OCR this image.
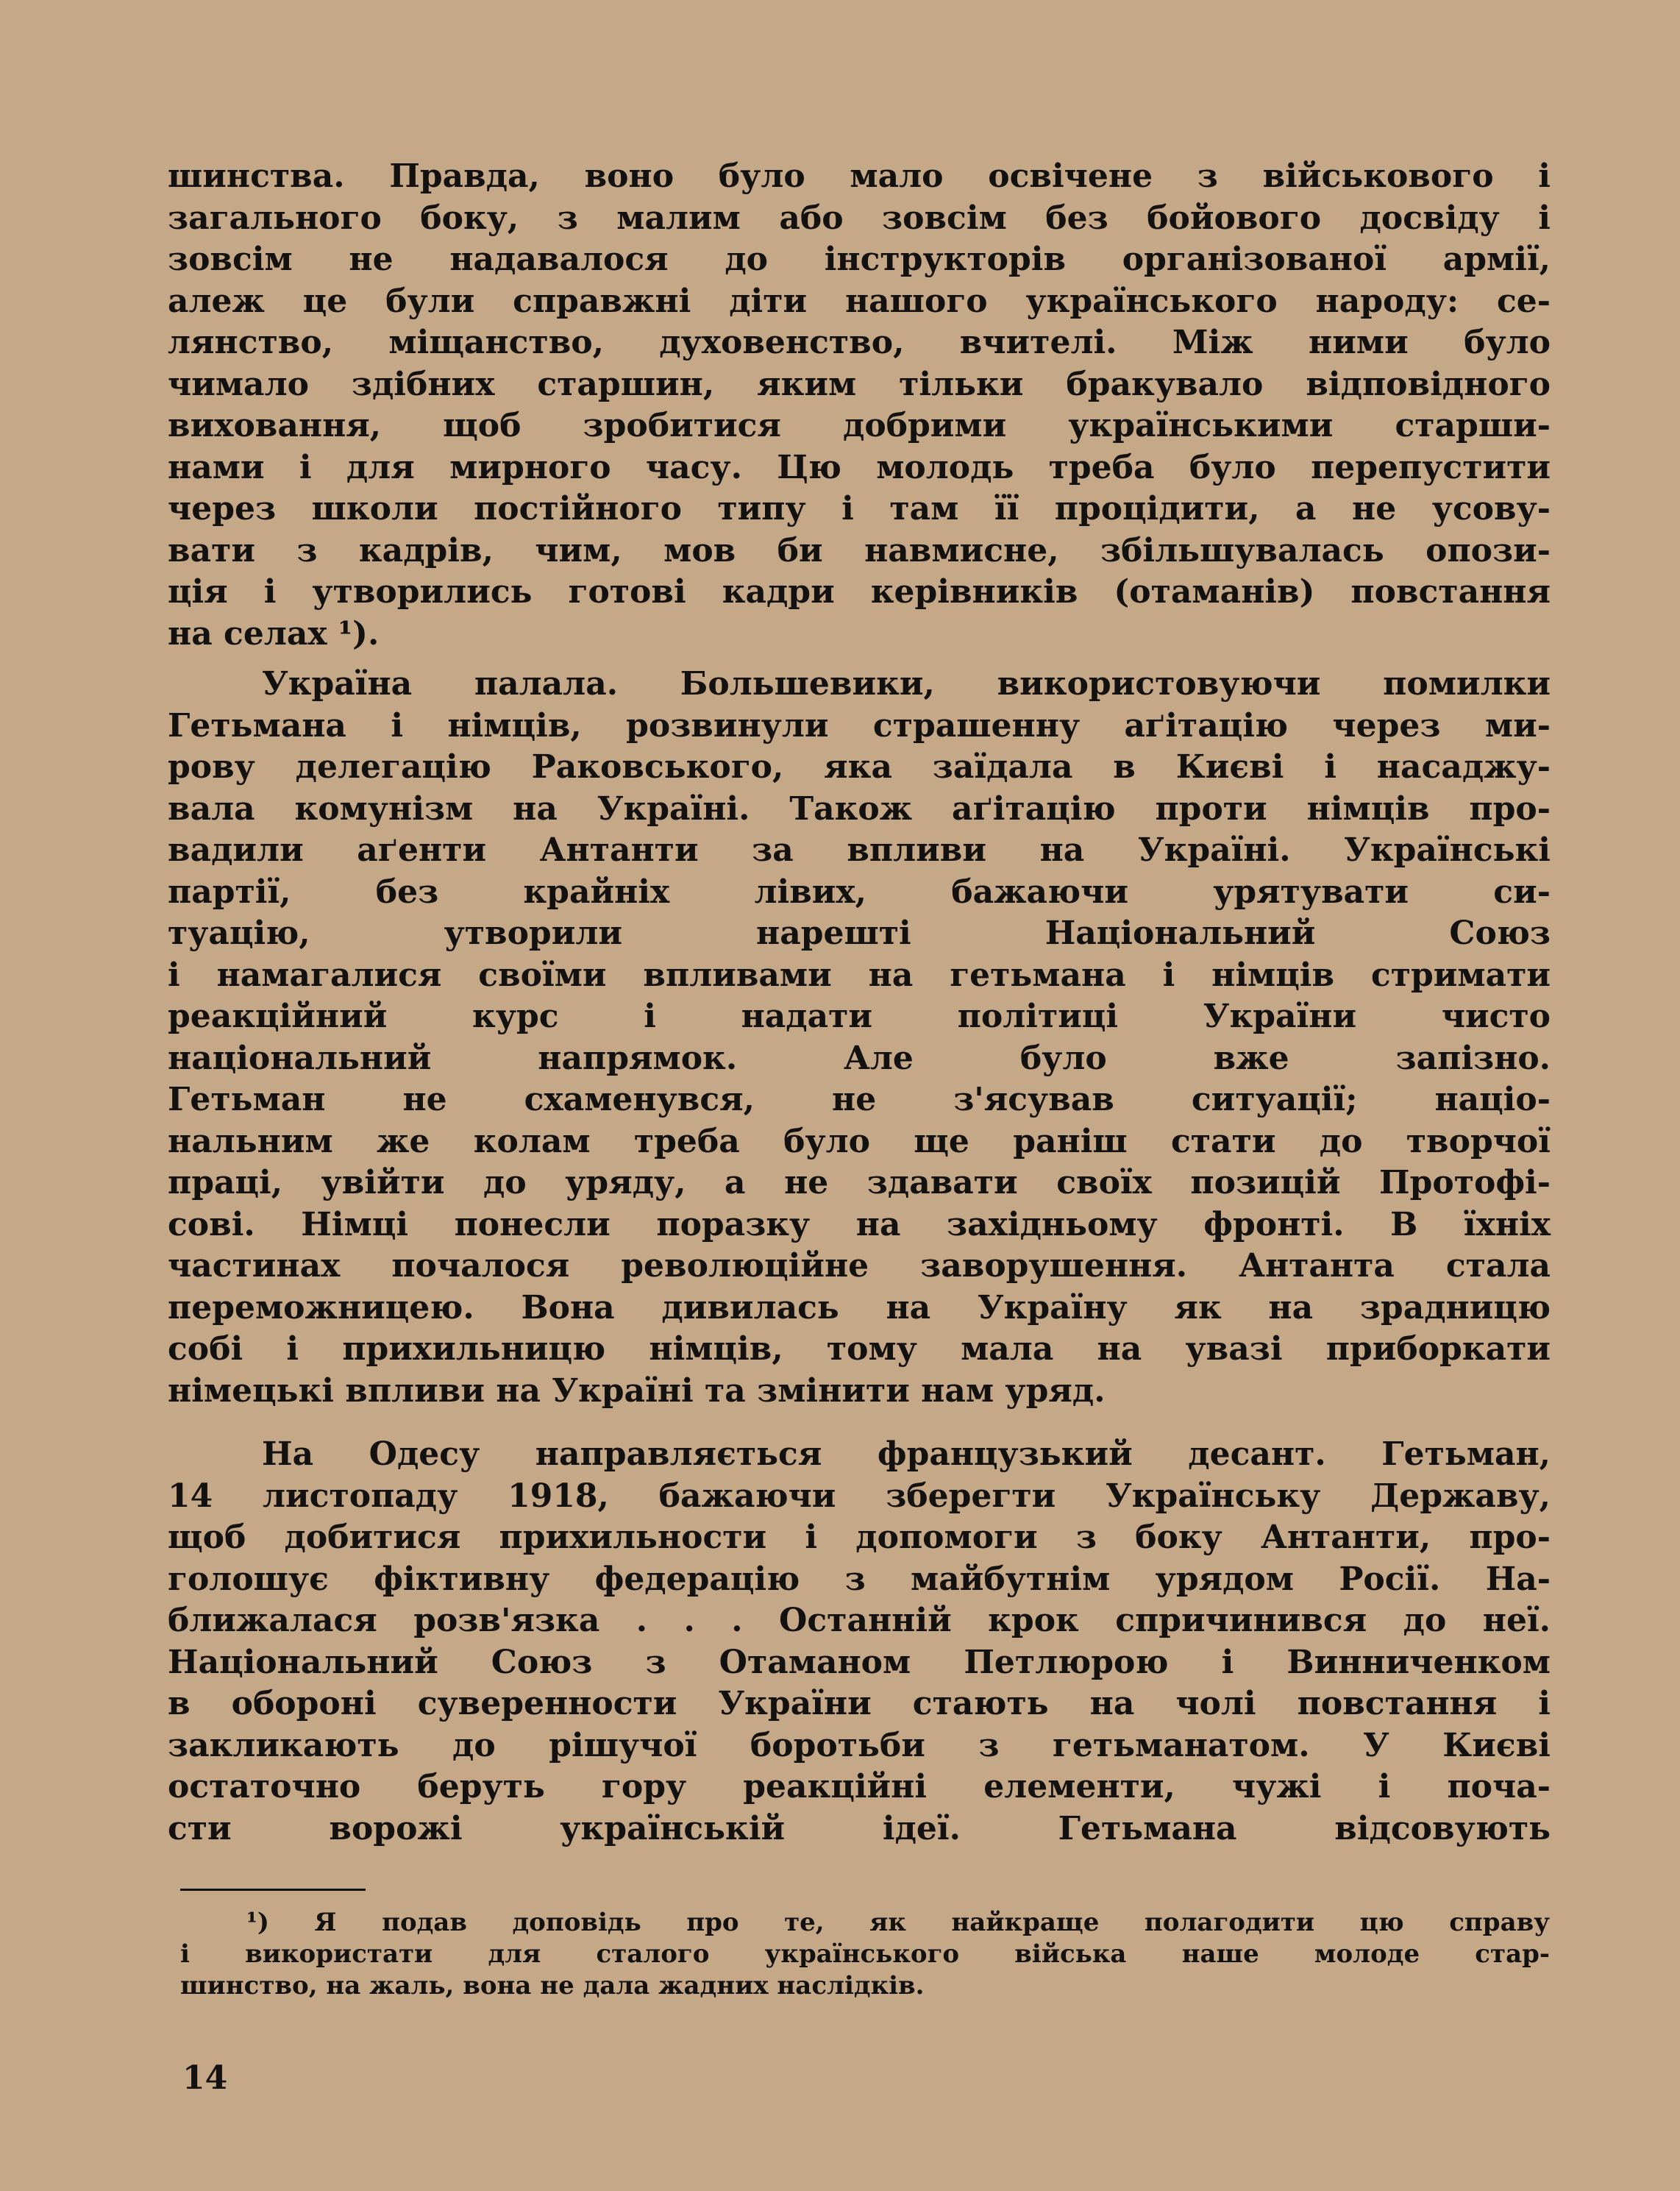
шинства. Правда, воно було мало освічене з військового і
загального боку, з малим або зовсім без бойового досвіду і
зовсім не надавалося до інструкторів організованої армії,
алеж це були справжні діти нашого українського народу: се-
лянство, міщанство, духовенство, вчителі. Між ними було
чимало здібних старшин, яким тільки бракувало відповідного
виховання, щоб зробитися добрими українськими старши-
нами і для мирного часу. Цю молодь треба було перепустити
через школи постійного типу і там її процідити, а не усову-
вати з кадрів, чим, мов би навмисне, збільшувалась опози-
ція і утворились готові кадри керівників (отаманів) повстання
на селах ¹).
Україна палала. Большевики, використовуючи помилки
Гетьмана і німців, розвинули страшенну аґітацію через ми-
рову делегацію Раковського, яка заїдала в Києві і насаджу-
вала комунізм на Україні. Також аґітацію проти німців про-
вадили аґенти Антанти за впливи на Україні. Українські
партії, без крайніх лівих, бажаючи урятувати си-
туацію, утворили нарешті Національний Союз
і намагалися своїми впливами на гетьмана і німців стримати
реакційний курс і надати політиці України чисто
національний напрямок. Але було вже запізно.
Гетьман не схаменувся, не з'ясував ситуації; націо-
нальним же колам треба було ще раніш стати до творчої
праці, увійти до уряду, а не здавати своїх позицій Протофі-
сові. Німці понесли поразку на західньому фронті. В їхніх
частинах почалося революційне заворушення. Антанта стала
переможницею. Вона дивилась на Україну як на зрадницю
собі і прихильницю німців, тому мала на увазі приборкати
німецькі впливи на Україні та змінити нам уряд.
На Одесу направляється французький десант. Гетьман,
14 листопаду 1918, бажаючи зберегти Українську Державу,
щоб добитися прихильности і допомоги з боку Антанти, про-
голошує фіктивну федерацію з майбутнім урядом Росії. На-
ближалася розв'язка . . . Останній крок спричинився до неї.
Національний Союз з Отаманом Петлюрою і Винниченком
в обороні суверенности України стають на чолі повстання і
закликають до рішучої боротьби з гетьманатом. У Києві
остаточно беруть гору реакційні елементи, чужі і поча-
сти ворожі українській ідеї. Гетьмана відсовують
¹) Я подав доповідь про те, як найкраще полагодити цю справу
і використати для сталого українського війська наше молоде стар-
шинство, на жаль, вона не дала жадних наслідків.
14
